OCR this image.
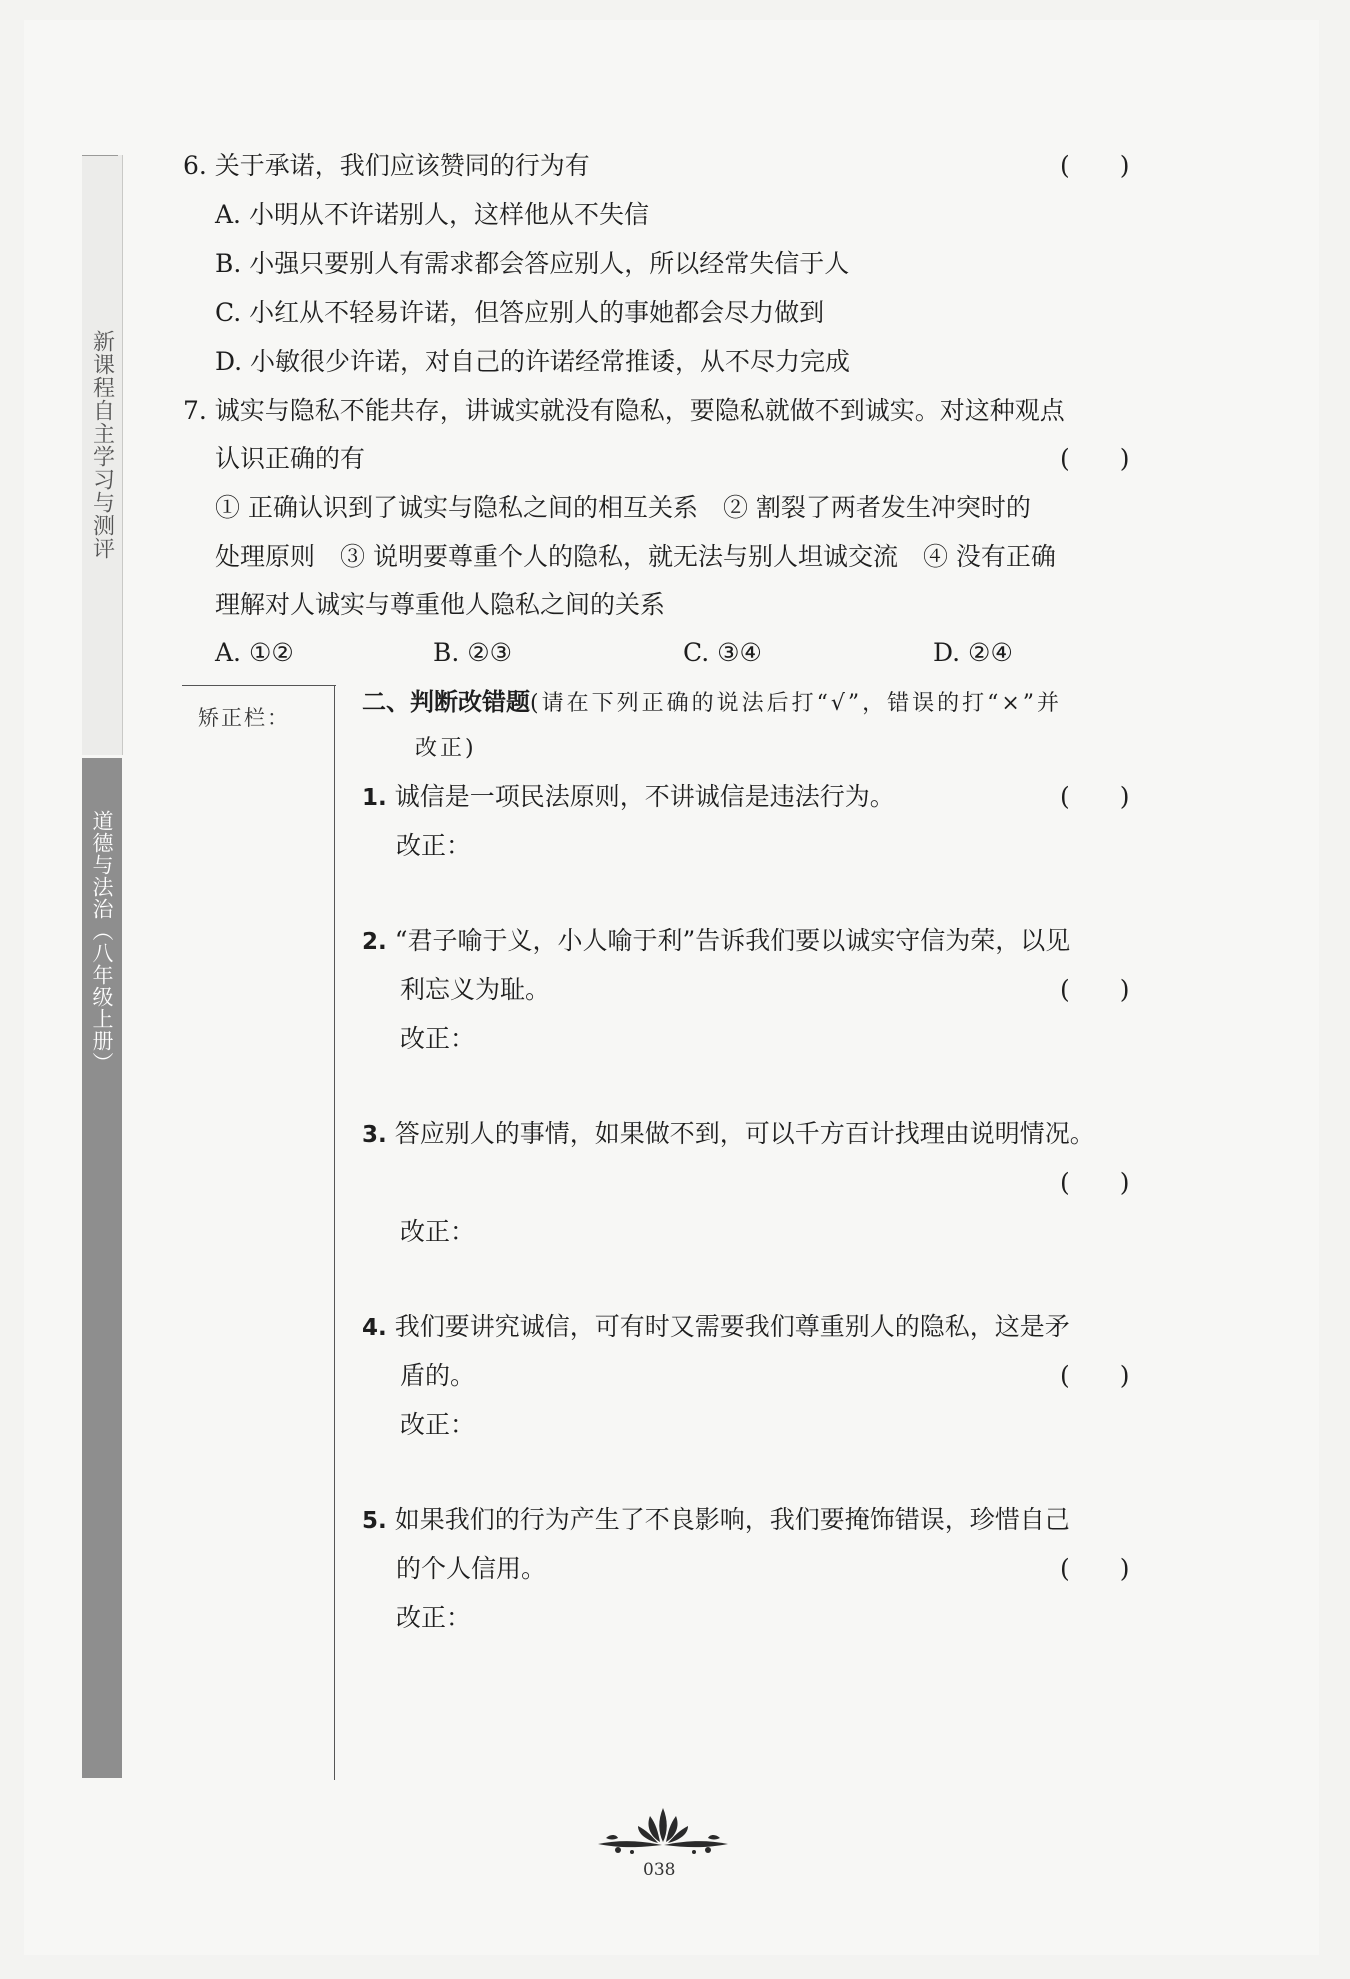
新课程自主学习与测评
道德与法治（八年级上册）
6. 关于承诺，我们应该赞同的行为有	(　　)
A. 小明从不许诺别人，这样他从不失信
B. 小强只要别人有需求都会答应别人，所以经常失信于人
C. 小红从不轻易许诺，但答应别人的事她都会尽力做到
D. 小敏很少许诺，对自己的许诺经常推诿，从不尽力完成
7. 诚实与隐私不能共存，讲诚实就没有隐私，要隐私就做不到诚实。对这种观点
认识正确的有	(　　)
① 正确认识到了诚实与隐私之间的相互关系　② 割裂了两者发生冲突时的
处理原则　③ 说明要尊重个人的隐私，就无法与别人坦诚交流　④ 没有正确
理解对人诚实与尊重他人隐私之间的关系
A. ①②	B. ②③	C. ③④	D. ②④
矫正栏：
二、判断改错题(请在下列正确的说法后打“√”，错误的打“×”并
改正)
1. 诚信是一项民法原则，不讲诚信是违法行为。	(　　)
改正：
2. “君子喻于义，小人喻于利”告诉我们要以诚实守信为荣，以见
利忘义为耻。	(　　)
改正：
3. 答应别人的事情，如果做不到，可以千方百计找理由说明情况。
(　　)
改正：
4. 我们要讲究诚信，可有时又需要我们尊重别人的隐私，这是矛
盾的。	(　　)
改正：
5. 如果我们的行为产生了不良影响，我们要掩饰错误，珍惜自己
的个人信用。	(　　)
改正：
038
